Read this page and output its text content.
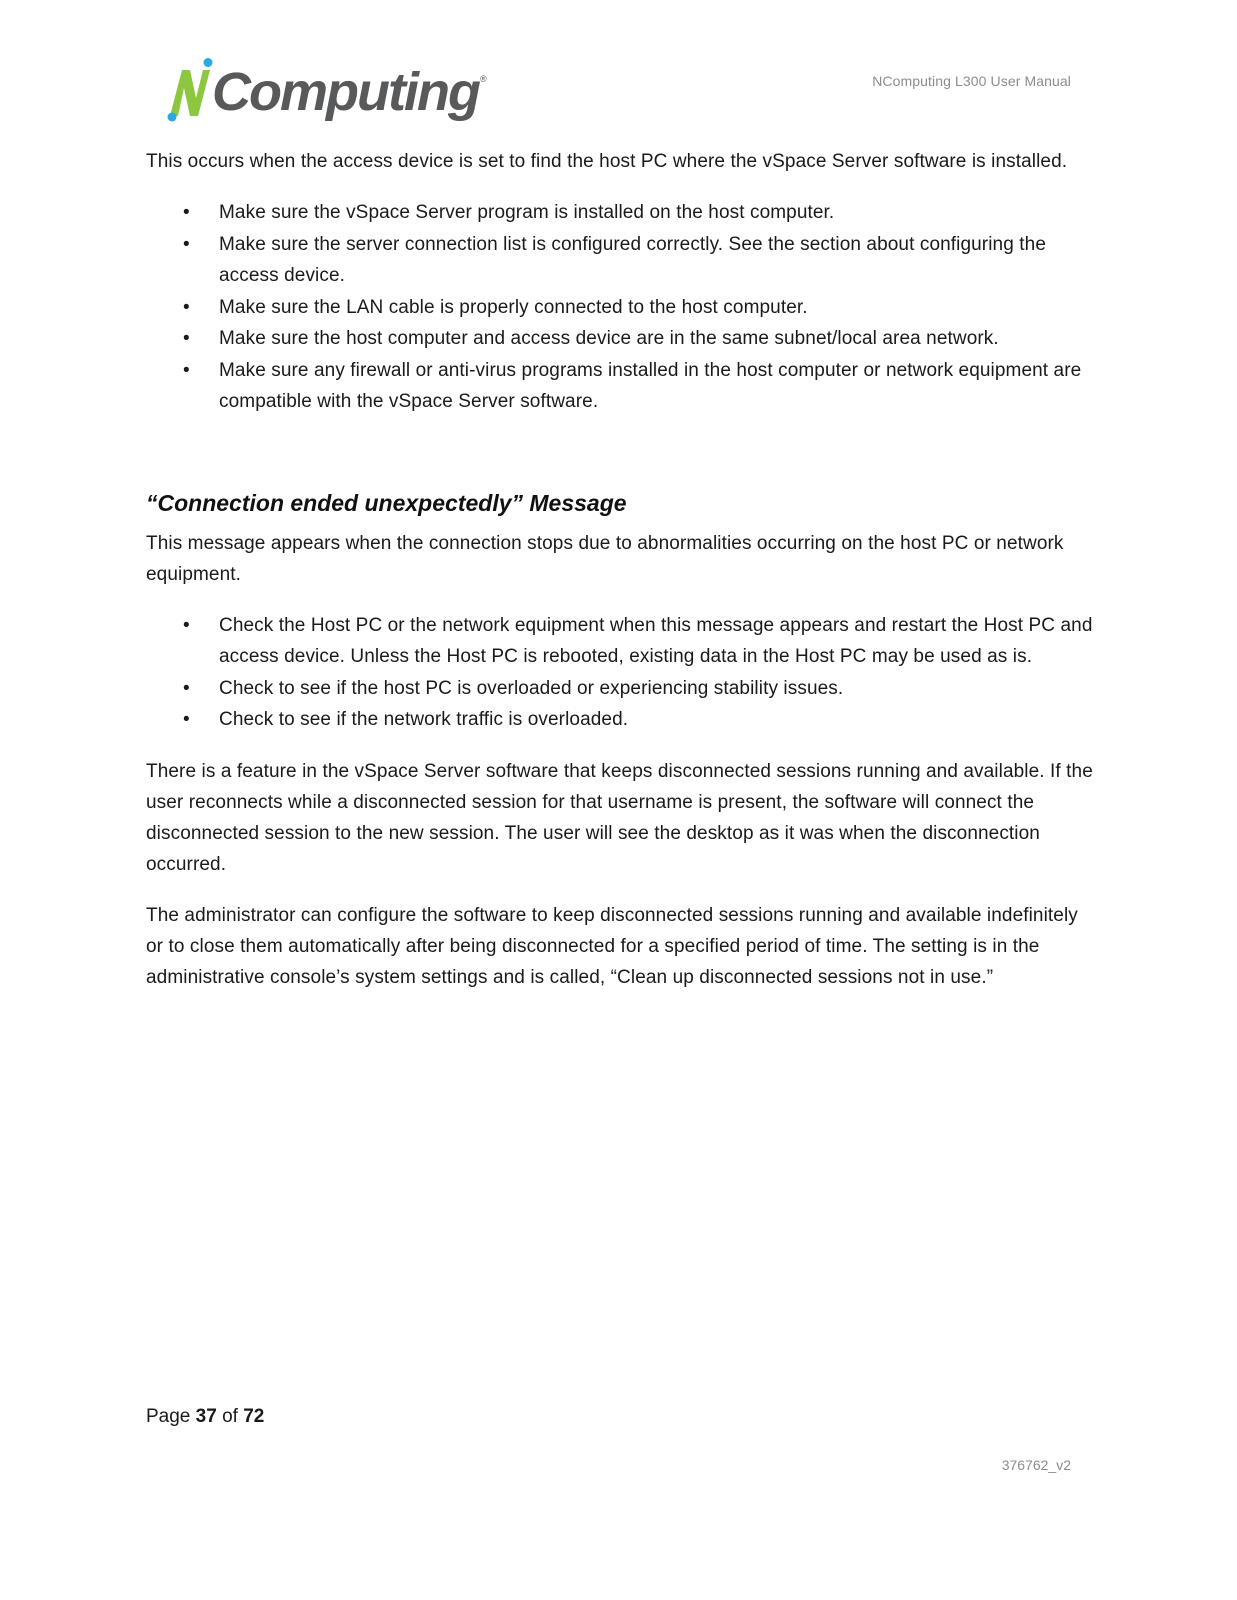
Computing ®	NComputing L300 User Manual

This occurs when the access device is set to find the host PC where the vSpace Server software is installed.

• Make sure the vSpace Server program is installed on the host computer.
• Make sure the server connection list is configured correctly. See the section about configuring the access device.
• Make sure the LAN cable is properly connected to the host computer.
• Make sure the host computer and access device are in the same subnet/local area network.
• Make sure any firewall or anti-virus programs installed in the host computer or network equipment are compatible with the vSpace Server software.
“Connection ended unexpectedly” Message

This message appears when the connection stops due to abnormalities occurring on the host PC or network equipment.

• Check the Host PC or the network equipment when this message appears and restart the Host PC and access device. Unless the Host PC is rebooted, existing data in the Host PC may be used as is.
• Check to see if the host PC is overloaded or experiencing stability issues.
• Check to see if the network traffic is overloaded.

There is a feature in the vSpace Server software that keeps disconnected sessions running and available. If the user reconnects while a disconnected session for that username is present, the software will connect the disconnected session to the new session. The user will see the desktop as it was when the disconnection occurred.

The administrator can configure the software to keep disconnected sessions running and available indefinitely or to close them automatically after being disconnected for a specified period of time. The setting is in the administrative console’s system settings and is called, “Clean up disconnected sessions not in use.”

Page 37 of 72
376762_v2
